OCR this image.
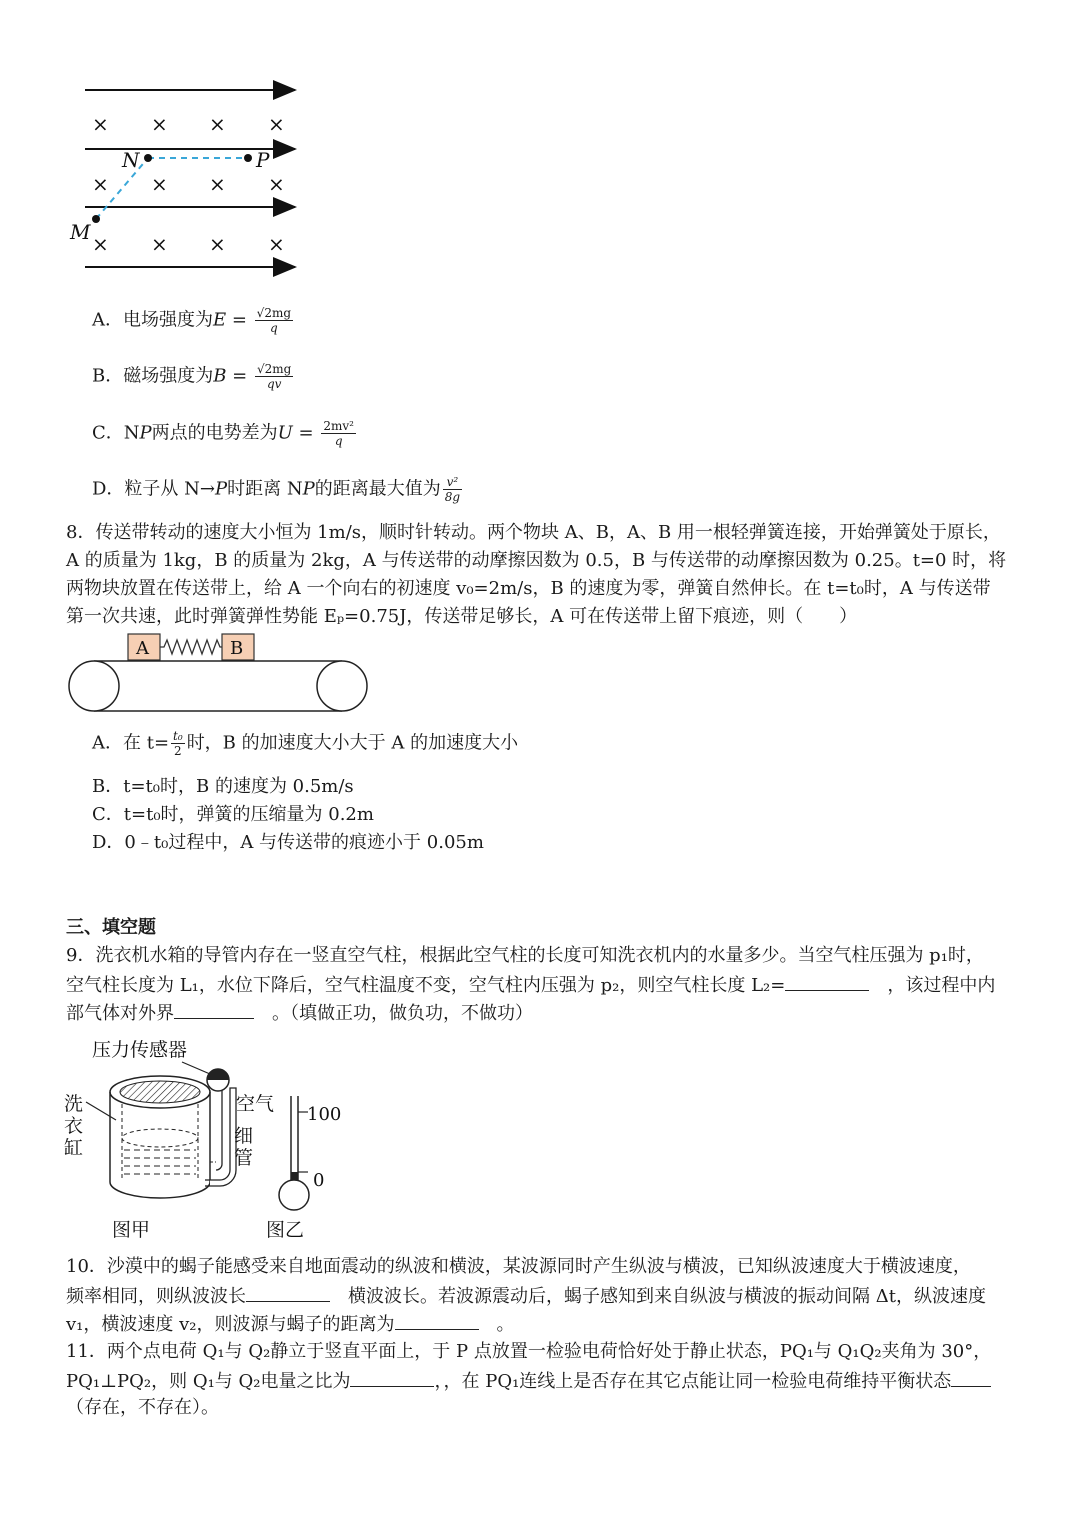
× × × ×
× × × ×
× × × ×
N	P
M
A．电场强度为$E = \frac{√2mg}{q}$
B．磁场强度为$B = \frac{√2mg}{qv}$
C．NP两点的电势差为$U = \frac{\text{2mv²}}{q}$
D．粒子从 N→P时距离 NP的距离最大值为 $\frac{\text{v²}}{8g}$
8．传送带转动的速度大小恒为 1m/s，顺时针转动。两个物块 A、B，A、B 用一根轻弹簧连接，开始弹簧处于原长，
A 的质量为 1kg，B 的质量为 2kg，A 与传送带的动摩擦因数为 0.5，B 与传送带的动摩擦因数为 0.25。t=0 时，将
两物块放置在传送带上，给 A 一个向右的初速度 v₀=2m/s，B 的速度为零，弹簧自然伸长。在 t=t₀时，A 与传送带
第一次共速，此时弹簧弹性势能 Eₚ=0.75J，传送带足够长，A 可在传送带上留下痕迹，则（　　）
A	B
A．在 $t= \frac{\text{t₀}}{2}$ 时，B 的加速度大小大于 A 的加速度大小
B．t=t₀时，B 的速度为 0.5m/s
C．t=t₀时，弹簧的压缩量为 0.2m
D．0﹣t₀过程中，A 与传送带的痕迹小于 0.05m
三、填空题
9．洗衣机水箱的导管内存在一竖直空气柱，根据此空气柱的长度可知洗衣机内的水量多少。当空气柱压强为 p₁时，
空气柱长度为 L₁，水位下降后，空气柱温度不变，空气柱内压强为 p₂，则空气柱长度 L₂=　	，该过程中内
部气体对外界　	。（填做正功，做负功，不做功）
压力传感器
洗
衣
缸
空气
细
管
100
0
图甲	图乙
10．沙漠中的蝎子能感受来自地面震动的纵波和横波，某波源同时产生纵波与横波，已知纵波速度大于横波速度，
频率相同，则纵波波长　	横波波长。若波源震动后，蝎子感知到来自纵波与横波的振动间隔 Δt，纵波速度
v₁，横波速度 v₂，则波源与蝎子的距离为　	。
11．两个点电荷 Q₁与 Q₂静立于竖直平面上，于 P 点放置一检验电荷恰好处于静止状态，PQ₁与 Q₁Q₂夹角为 30°，
PQ₁⊥PQ₂，则 Q₁与 Q₂电量之比为	，，在 PQ₁连线上是否存在其它点能让同一检验电荷维持平衡状态
（存在，不存在）。
